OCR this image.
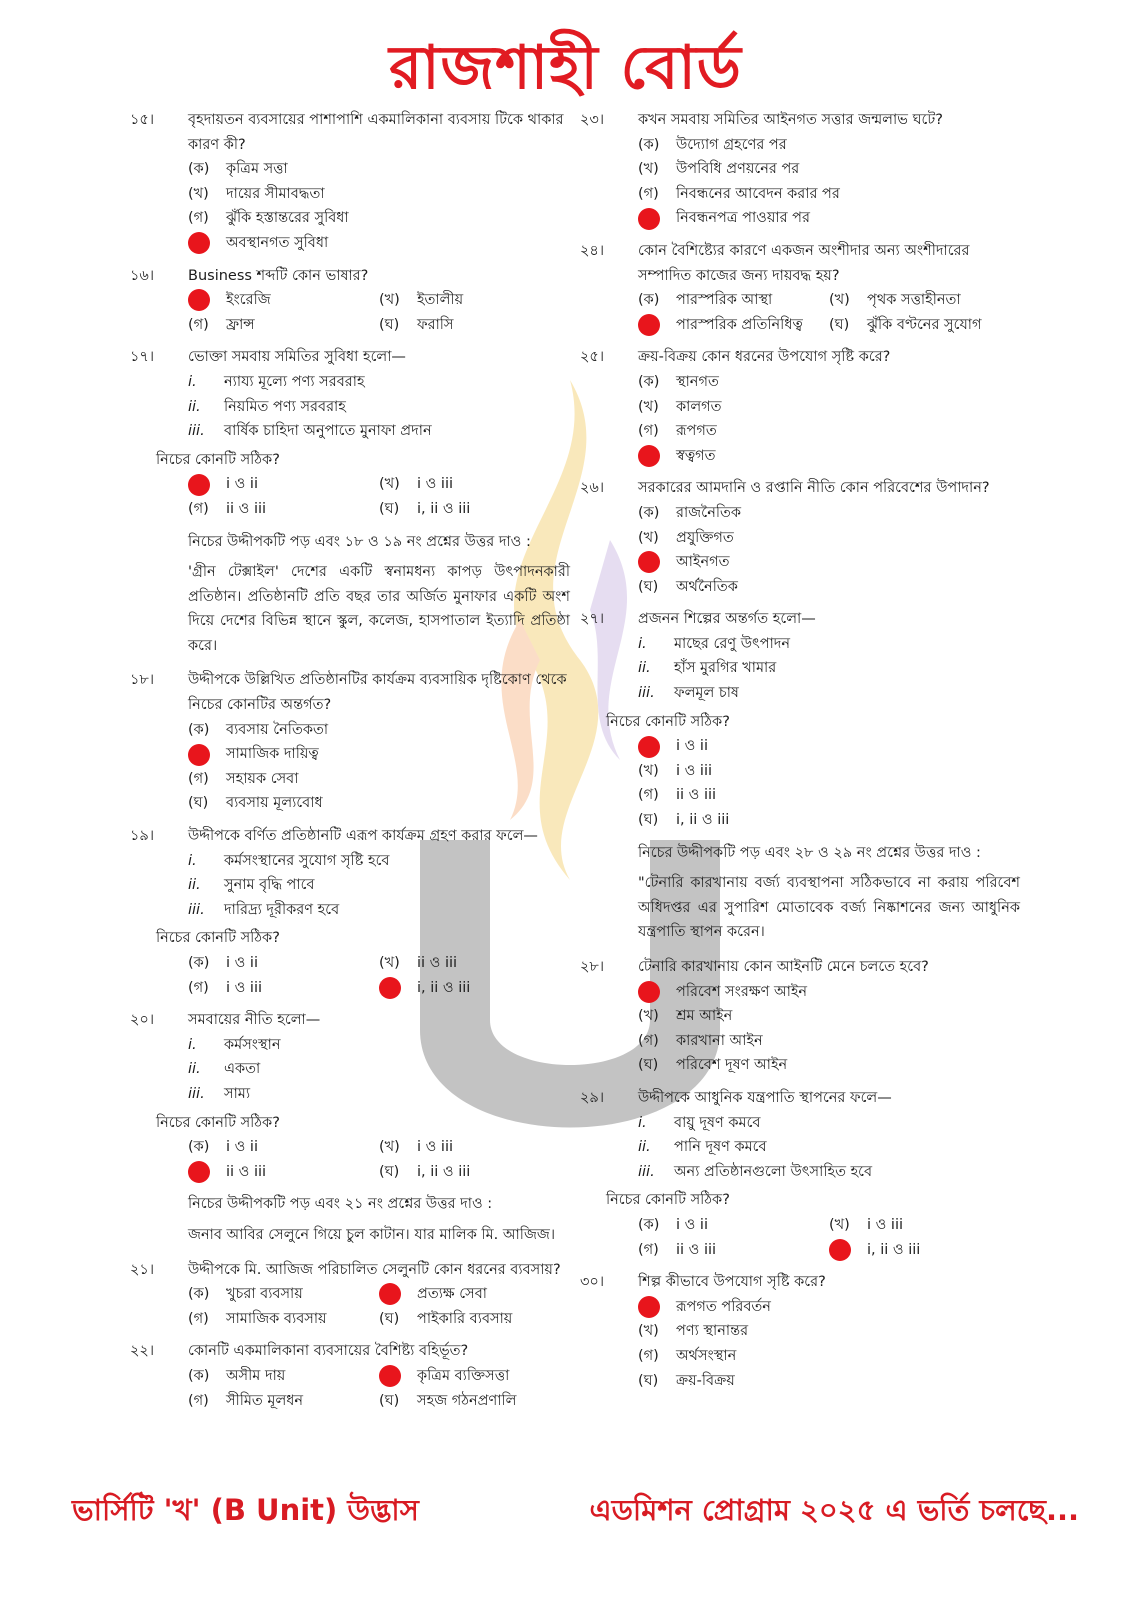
রাজশাহী বোর্ড
১৫।	বৃহদায়তন ব্যবসায়ের পাশাপাশি একমালিকানা ব্যবসায় টিকে থাকার কারণ কী?
(ক)	কৃত্রিম সত্তা
(খ)	দায়ের সীমাবদ্ধতা
(গ)	ঝুঁকি হস্তান্তরের সুবিধা
অবস্থানগত সুবিধা
১৬।	Business শব্দটি কোন ভাষার?
ইংরেজি	(খ)	ইতালীয়
(গ)	ফ্রান্স	(ঘ)	ফরাসি
১৭।	ভোক্তা সমবায় সমিতির সুবিধা হলো—
i.	ন্যায্য মূল্যে পণ্য সরবরাহ
ii.	নিয়মিত পণ্য সরবরাহ
iii.	বার্ষিক চাহিদা অনুপাতে মুনাফা প্রদান
নিচের কোনটি সঠিক?
i ও ii	(খ)	i ও iii
(গ)	ii ও iii	(ঘ)	i, ii ও iii
নিচের উদ্দীপকটি পড় এবং ১৮ ও ১৯ নং প্রশ্নের উত্তর দাও :
'গ্রীন টেক্সাইল' দেশের একটি স্বনামধন্য কাপড় উৎপাদনকারী প্রতিষ্ঠান। প্রতিষ্ঠানটি প্রতি বছর তার অর্জিত মুনাফার একটি অংশ দিয়ে দেশের বিভিন্ন স্থানে স্কুল, কলেজ, হাসপাতাল ইত্যাদি প্রতিষ্ঠা করে।
১৮।	উদ্দীপকে উল্লিখিত প্রতিষ্ঠানটির কার্যক্রম ব্যবসায়িক দৃষ্টিকোণ থেকে নিচের কোনটির অন্তর্গত?
(ক)	ব্যবসায় নৈতিকতা
সামাজিক দায়িত্ব
(গ)	সহায়ক সেবা
(ঘ)	ব্যবসায় মূল্যবোধ
১৯।	উদ্দীপকে বর্ণিত প্রতিষ্ঠানটি এরূপ কার্যক্রম গ্রহণ করার ফলে—
i.	কর্মসংস্থানের সুযোগ সৃষ্টি হবে
ii.	সুনাম বৃদ্ধি পাবে
iii.	দারিদ্র্য দূরীকরণ হবে
নিচের কোনটি সঠিক?
(ক)	i ও ii	(খ)	ii ও iii
(গ)	i ও iii	i, ii ও iii
২০।	সমবায়ের নীতি হলো—
i.	কর্মসংস্থান
ii.	একতা
iii.	সাম্য
নিচের কোনটি সঠিক?
(ক)	i ও ii	(খ)	i ও iii
ii ও iii	(ঘ)	i, ii ও iii
নিচের উদ্দীপকটি পড় এবং ২১ নং প্রশ্নের উত্তর দাও :
জনাব আবির সেলুনে গিয়ে চুল কাটান। যার মালিক মি. আজিজ।
২১।	উদ্দীপকে মি. আজিজ পরিচালিত সেলুনটি কোন ধরনের ব্যবসায়?
(ক)	খুচরা ব্যবসায়	প্রত্যক্ষ সেবা
(গ)	সামাজিক ব্যবসায়	(ঘ)	পাইকারি ব্যবসায়
২২।	কোনটি একমালিকানা ব্যবসায়ের বৈশিষ্ট্য বহির্ভূত?
(ক)	অসীম দায়	কৃত্রিম ব্যক্তিসত্তা
(গ)	সীমিত মূলধন	(ঘ)	সহজ গঠনপ্রণালি
২৩।	কখন সমবায় সমিতির আইনগত সত্তার জন্মলাভ ঘটে?
(ক)	উদ্যোগ গ্রহণের পর
(খ)	উপবিধি প্রণয়নের পর
(গ)	নিবন্ধনের আবেদন করার পর
নিবন্ধনপত্র পাওয়ার পর
২৪।	কোন বৈশিষ্ট্যের কারণে একজন অংশীদার অন্য অংশীদারের সম্পাদিত কাজের জন্য দায়বদ্ধ হয়?
(ক)	পারস্পরিক আস্থা	(খ)	পৃথক সত্তাহীনতা
পারস্পরিক প্রতিনিধিত্ব (ঘ)	ঝুঁকি বণ্টনের সুযোগ
২৫।	ক্রয়-বিক্রয় কোন ধরনের উপযোগ সৃষ্টি করে?
(ক)	স্থানগত
(খ)	কালগত
(গ)	রূপগত
স্বত্বগত
২৬।	সরকারের আমদানি ও রপ্তানি নীতি কোন পরিবেশের উপাদান?
(ক)	রাজনৈতিক
(খ)	প্রযুক্তিগত
আইনগত
(ঘ)	অর্থনৈতিক
২৭।	প্রজনন শিল্পের অন্তর্গত হলো—
i.	মাছের রেণু উৎপাদন
ii.	হাঁস মুরগির খামার
iii.	ফলমূল চাষ
নিচের কোনটি সঠিক?
i ও ii
(খ)	i ও iii
(গ)	ii ও iii
(ঘ)	i, ii ও iii
নিচের উদ্দীপকটি পড় এবং ২৮ ও ২৯ নং প্রশ্নের উত্তর দাও :
"টেনারি কারখানায় বর্জ্য ব্যবস্থাপনা সঠিকভাবে না করায় পরিবেশ অধিদপ্তর এর সুপারিশ মোতাবেক বর্জ্য নিষ্কাশনের জন্য আধুনিক যন্ত্রপাতি স্থাপন করেন।
২৮।	টেনারি কারখানায় কোন আইনটি মেনে চলতে হবে?
পরিবেশ সংরক্ষণ আইন
(খ)	শ্রম আইন
(গ)	কারখানা আইন
(ঘ)	পরিবেশ দূষণ আইন
২৯।	উদ্দীপকে আধুনিক যন্ত্রপাতি স্থাপনের ফলে—
i.	বায়ু দূষণ কমবে
ii.	পানি দূষণ কমবে
iii.	অন্য প্রতিষ্ঠানগুলো উৎসাহিত হবে
নিচের কোনটি সঠিক?
(ক)	i ও ii	(খ)	i ও iii
(গ)	ii ও iii	i, ii ও iii
৩০।	শিল্প কীভাবে উপযোগ সৃষ্টি করে?
রূপগত পরিবর্তন
(খ)	পণ্য স্থানান্তর
(গ)	অর্থসংস্থান
(ঘ)	ক্রয়-বিক্রয়
ভার্সিটি 'খ' (B Unit) উদ্ভাস	এডমিশন প্রোগ্রাম ২০২৫ এ ভর্তি চলছে...
